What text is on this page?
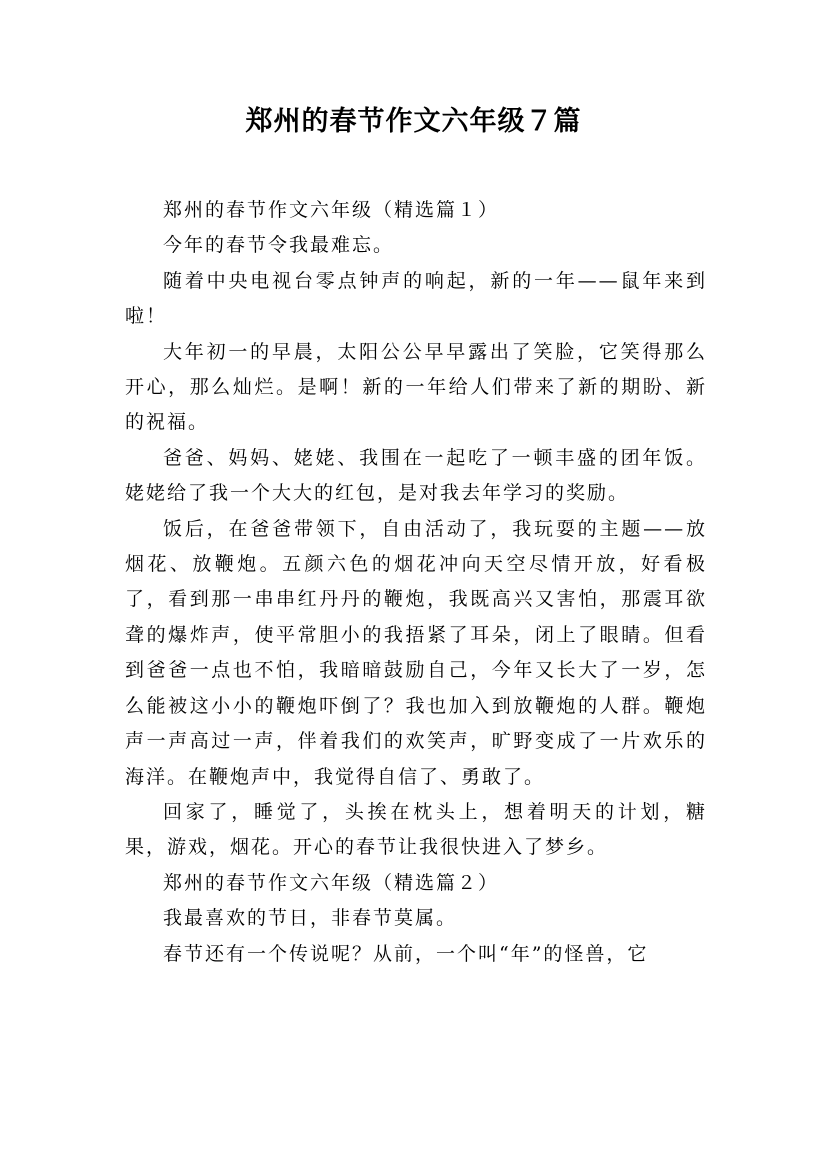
郑州的春节作文六年级７篇

郑州的春节作文六年级（精选篇１）

今年的春节令我最难忘。

随着中央电视台零点钟声的响起，新的一年——鼠年来到啦！

大年初一的早晨，太阳公公早早露出了笑脸，它笑得那么开心，那么灿烂。是啊！新的一年给人们带来了新的期盼、新的祝福。

爸爸、妈妈、姥姥、我围在一起吃了一顿丰盛的团年饭。姥姥给了我一个大大的红包，是对我去年学习的奖励。

饭后，在爸爸带领下，自由活动了，我玩耍的主题——放烟花、放鞭炮。五颜六色的烟花冲向天空尽情开放，好看极了，看到那一串串红丹丹的鞭炮，我既高兴又害怕，那震耳欲聋的爆炸声，使平常胆小的我捂紧了耳朵，闭上了眼睛。但看到爸爸一点也不怕，我暗暗鼓励自己，今年又长大了一岁，怎么能被这小小的鞭炮吓倒了？我也加入到放鞭炮的人群。鞭炮声一声高过一声，伴着我们的欢笑声，旷野变成了一片欢乐的海洋。在鞭炮声中，我觉得自信了、勇敢了。

回家了，睡觉了，头挨在枕头上，想着明天的计划，糖果，游戏，烟花。开心的春节让我很快进入了梦乡。

郑州的春节作文六年级（精选篇２）

我最喜欢的节日，非春节莫属。

春节还有一个传说呢？从前，一个叫“年”的怪兽，它
